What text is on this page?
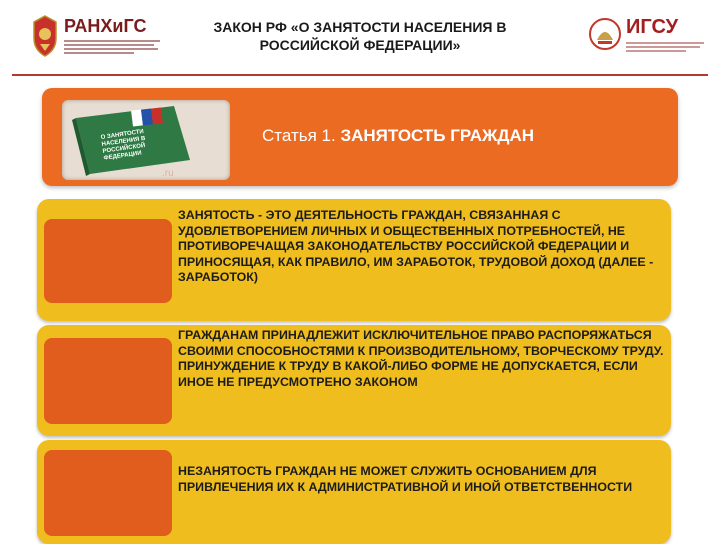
РАНХиГС	ЗАКОН РФ «О ЗАНЯТОСТИ НАСЕЛЕНИЯ В
РОССИЙСКОЙ ФЕДЕРАЦИИ»
ИГСУ
.ru
О ЗАНЯТОСТИ НАСЕЛЕНИЯ В РОССИЙСКОЙ ФЕДЕРАЦИИ
Статья 1. ЗАНЯТОСТЬ ГРАЖДАН
ЗАНЯТОСТЬ - ЭТО ДЕЯТЕЛЬНОСТЬ ГРАЖДАН, СВЯЗАННАЯ С УДОВЛЕТВОРЕНИЕМ ЛИЧНЫХ И ОБЩЕСТВЕННЫХ ПОТРЕБНОСТЕЙ, НЕ ПРОТИВОРЕЧАЩАЯ ЗАКОНОДАТЕЛЬСТВУ РОССИЙСКОЙ ФЕДЕРАЦИИ И ПРИНОСЯЩАЯ, КАК ПРАВИЛО, ИМ ЗАРАБОТОК, ТРУДОВОЙ ДОХОД (ДАЛЕЕ - ЗАРАБОТОК)
ГРАЖДАНАМ ПРИНАДЛЕЖИТ ИСКЛЮЧИТЕЛЬНОЕ ПРАВО РАСПОРЯЖАТЬСЯ СВОИМИ СПОСОБНОСТЯМИ К ПРОИЗВОДИТЕЛЬНОМУ, ТВОРЧЕСКОМУ ТРУДУ. ПРИНУЖДЕНИЕ К ТРУДУ В КАКОЙ-ЛИБО ФОРМЕ НЕ ДОПУСКАЕТСЯ, ЕСЛИ ИНОЕ НЕ ПРЕДУСМОТРЕНО ЗАКОНОМ
НЕЗАНЯТОСТЬ ГРАЖДАН НЕ МОЖЕТ СЛУЖИТЬ ОСНОВАНИЕМ ДЛЯ ПРИВЛЕЧЕНИЯ ИХ К АДМИНИСТРАТИВНОЙ И ИНОЙ ОТВЕТСТВЕННОСТИ
